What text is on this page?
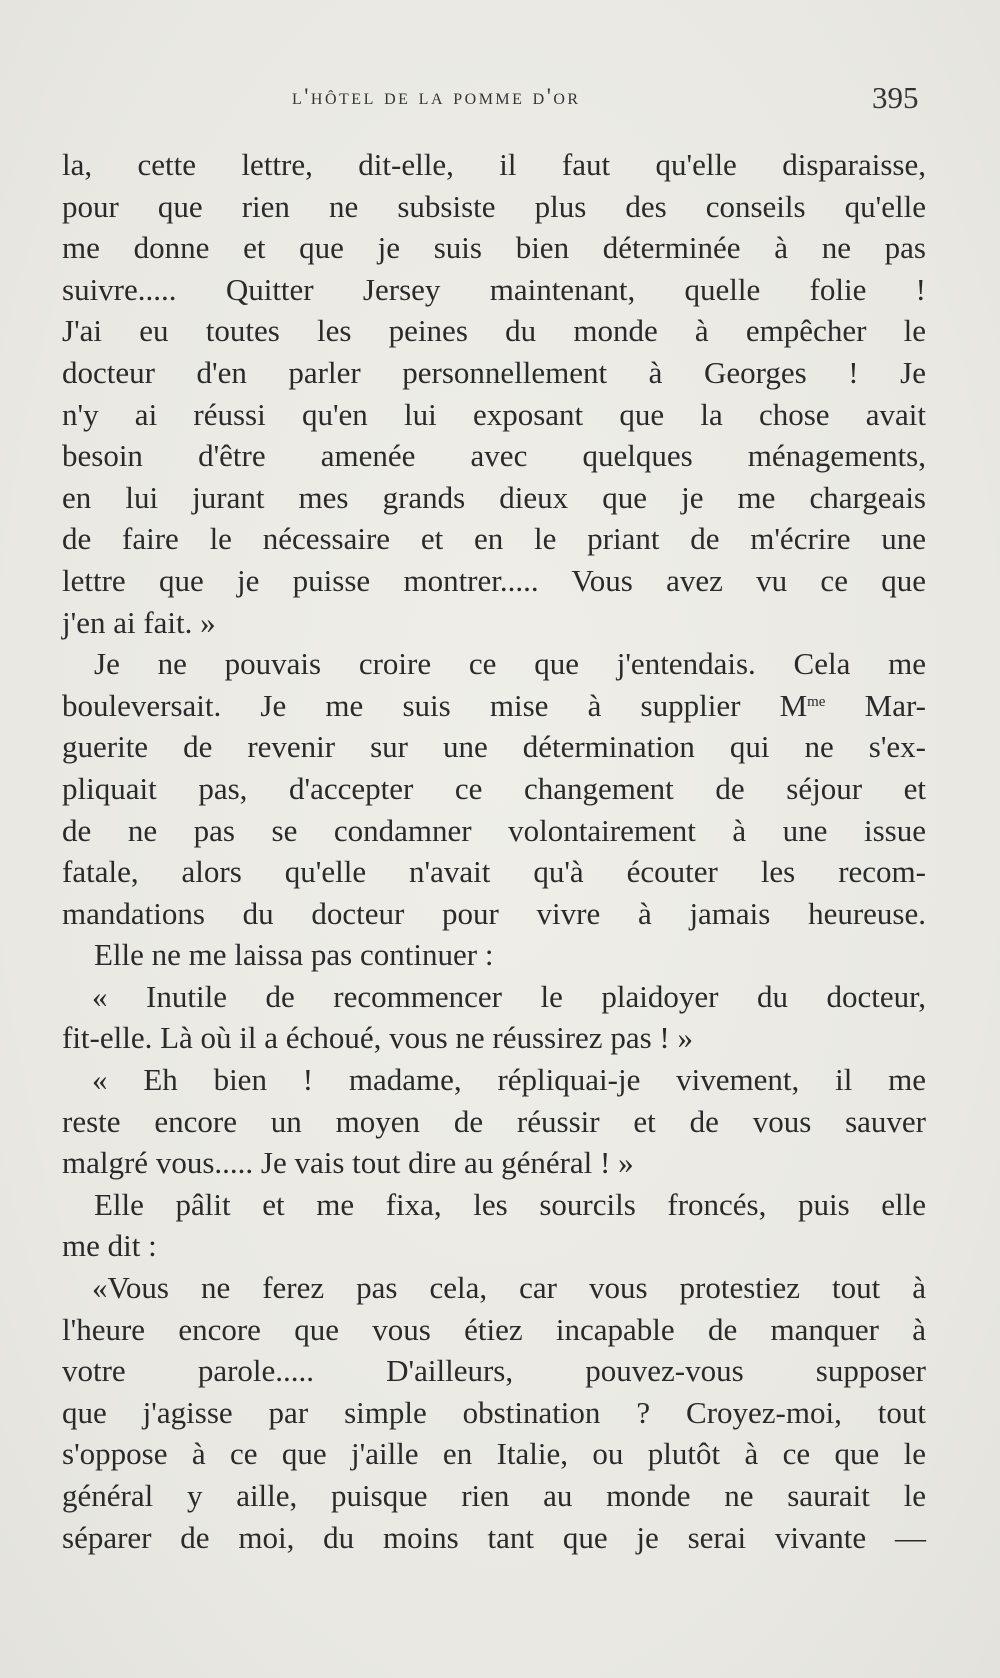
l'hôtel de la pomme d'or	395
la, cette lettre, dit-elle, il faut qu'elle disparaisse,
pour que rien ne subsiste plus des conseils qu'elle
me donne et que je suis bien déterminée à ne pas
suivre..... Quitter Jersey maintenant, quelle folie !
J'ai eu toutes les peines du monde à empêcher le
docteur d'en parler personnellement à Georges ! Je
n'y ai réussi qu'en lui exposant que la chose avait
besoin d'être amenée avec quelques ménagements,
en lui jurant mes grands dieux que je me chargeais
de faire le nécessaire et en le priant de m'écrire une
lettre que je puisse montrer..... Vous avez vu ce que
j'en ai fait. »
Je ne pouvais croire ce que j'entendais. Cela me
bouleversait. Je me suis mise à supplier $M^{me}$ Mar-
guerite de revenir sur une détermination qui ne s'ex-
pliquait pas, d'accepter ce changement de séjour et
de ne pas se condamner volontairement à une issue
fatale, alors qu'elle n'avait qu'à écouter les recom-
mandations du docteur pour vivre à jamais heureuse.
Elle ne me laissa pas continuer :
« Inutile de recommencer le plaidoyer du docteur,
fit-elle. Là où il a échoué, vous ne réussirez pas ! »
« Eh bien ! madame, répliquai-je vivement, il me
reste encore un moyen de réussir et de vous sauver
malgré vous..... Je vais tout dire au général ! »
Elle pâlit et me fixa, les sourcils froncés, puis elle
me dit :
«Vous ne ferez pas cela, car vous protestiez tout à
l'heure encore que vous étiez incapable de manquer à
votre parole..... D'ailleurs, pouvez-vous supposer
que j'agisse par simple obstination ? Croyez-moi, tout
s'oppose à ce que j'aille en Italie, ou plutôt à ce que le
général y aille, puisque rien au monde ne saurait le
séparer de moi, du moins tant que je serai vivante —
